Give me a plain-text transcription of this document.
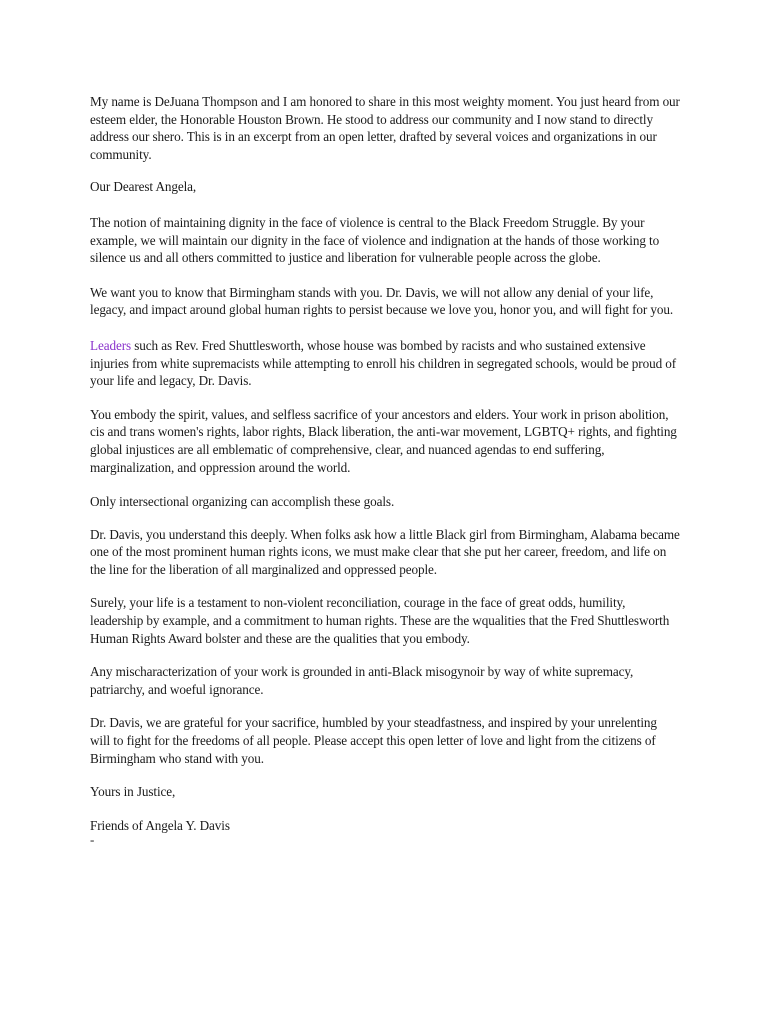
My name is DeJuana Thompson and I am honored to share in this most weighty moment. You just heard from our esteem elder, the Honorable Houston Brown. He stood to address our community and I now stand to directly address our shero. This is in an excerpt from an open letter, drafted by several voices and organizations in our community.

Our Dearest Angela,

The notion of maintaining dignity in the face of violence is central to the Black Freedom Struggle. By your example, we will maintain our dignity in the face of violence and indignation at the hands of those working to silence us and all others committed to justice and liberation for vulnerable people across the globe.

We want you to know that Birmingham stands with you. Dr. Davis, we will not allow any denial of your life, legacy, and impact around global human rights to persist because we love you, honor you, and will fight for you.

Leaders such as Rev. Fred Shuttlesworth, whose house was bombed by racists and who sustained extensive injuries from white supremacists while attempting to enroll his children in segregated schools, would be proud of your life and legacy, Dr. Davis.

You embody the spirit, values, and selfless sacrifice of your ancestors and elders. Your work in prison abolition, cis and trans women's rights, labor rights, Black liberation, the anti-war movement, LGBTQ+ rights, and fighting global injustices are all emblematic of comprehensive, clear, and nuanced agendas to end suffering, marginalization, and oppression around the world.

Only intersectional organizing can accomplish these goals.

Dr. Davis, you understand this deeply. When folks ask how a little Black girl from Birmingham, Alabama became one of the most prominent human rights icons, we must make clear that she put her career, freedom, and life on the line for the liberation of all marginalized and oppressed people.

Surely, your life is a testament to non-violent reconciliation, courage in the face of great odds, humility, leadership by example, and a commitment to human rights. These are the wqualities that the Fred Shuttlesworth Human Rights Award bolster and these are the qualities that you embody.

Any mischaracterization of your work is grounded in anti-Black misogynoir by way of white supremacy, patriarchy, and woeful ignorance.

Dr. Davis, we are grateful for your sacrifice, humbled by your steadfastness, and inspired by your unrelenting will to fight for the freedoms of all people. Please accept this open letter of love and light from the citizens of Birmingham who stand with you.

Yours in Justice,

Friends of Angela Y. Davis

-
